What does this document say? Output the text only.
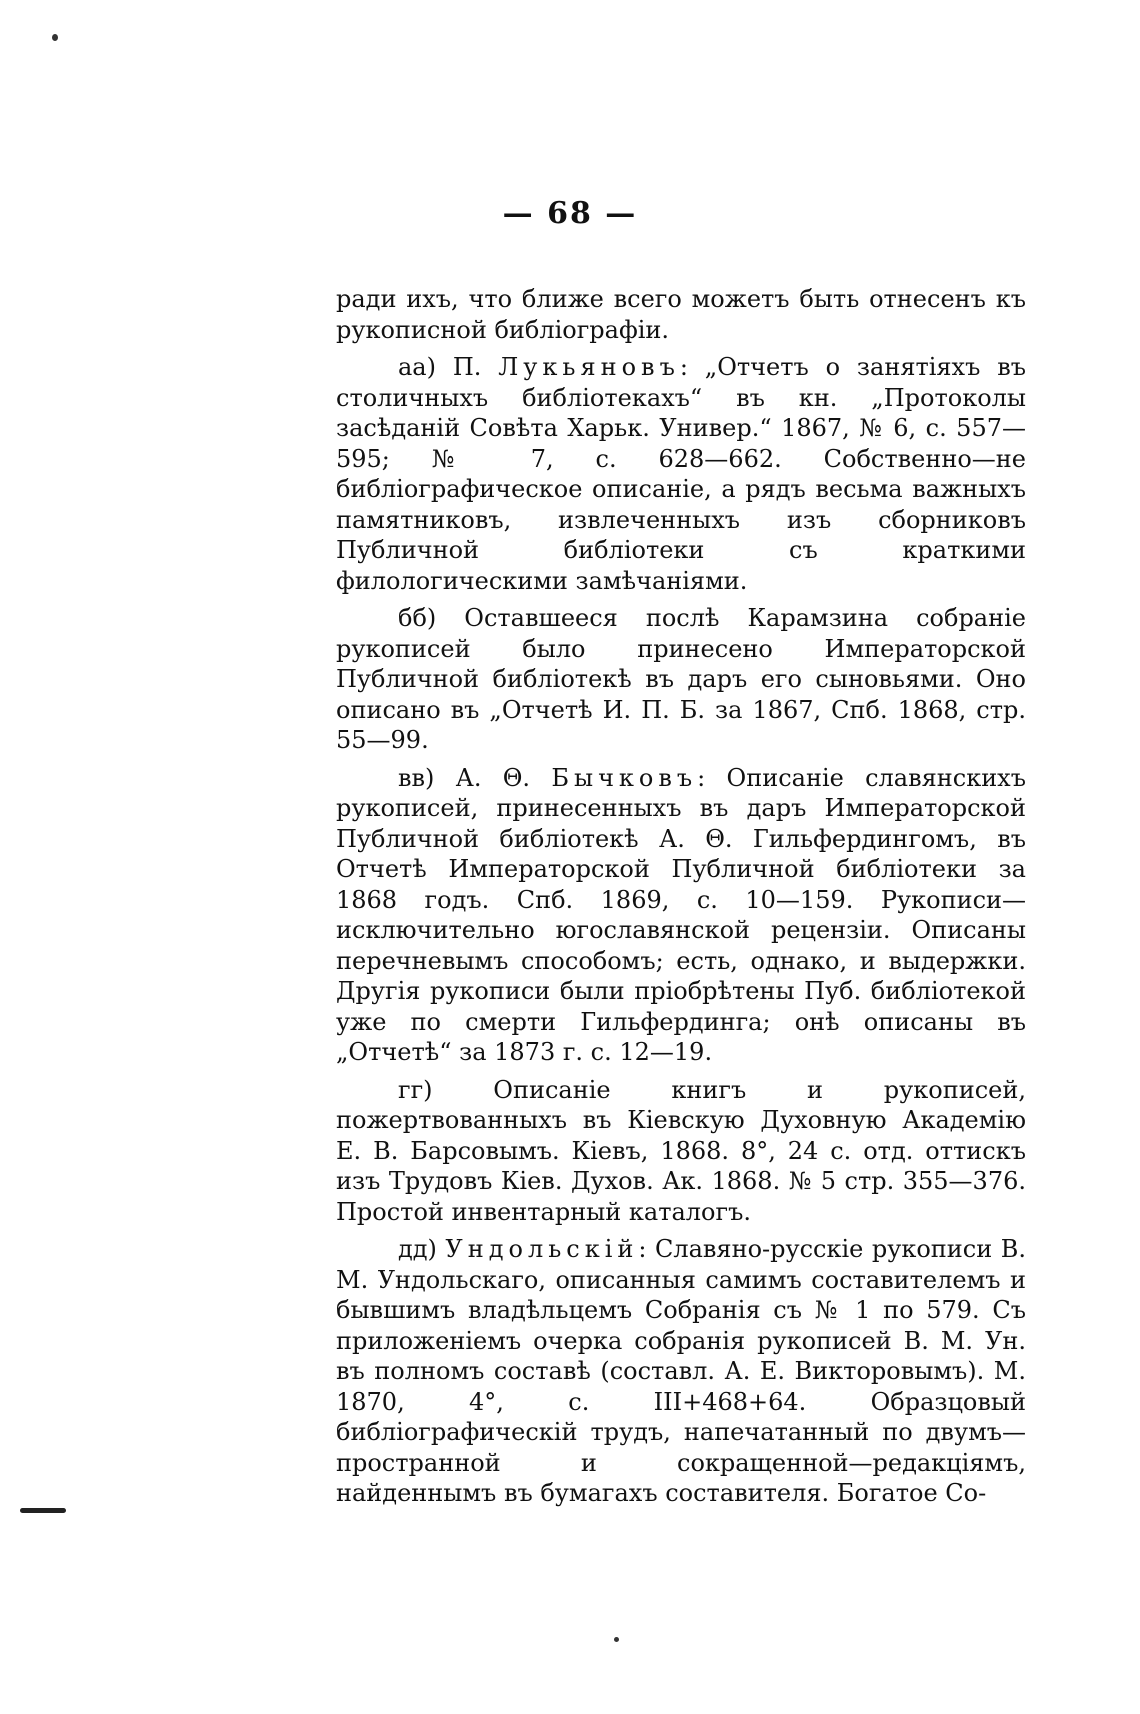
— 68 —

ради ихъ, что ближе всего можетъ быть отнесенъ къ рукописной библіографіи.

аа) П. Лукьяновъ: „Отчетъ о занятіяхъ въ столичныхъ библіотекахъ“ въ кн. „Протоколы засѣданій Совѣта Харьк. Универ.“ 1867, № 6, с. 557—595; № 7, с. 628—662. Собственно—не библіографическое описаніе, а рядъ весьма важныхъ памятниковъ, извлеченныхъ изъ сборниковъ Публичной библіотеки съ краткими филологическими замѣчаніями.

бб) Оставшееся послѣ Карамзина собраніе рукописей было принесено Императорской Публичной библіотекѣ въ даръ его сыновьями. Оно описано въ „Отчетѣ И. П. Б. за 1867, Спб. 1868, стр. 55—99.

вв) А. Θ. Бычковъ: Описаніе славянскихъ рукописей, принесенныхъ въ даръ Императорской Публичной библіотекѣ А. Θ. Гильфердингомъ, въ Отчетѣ Императорской Публичной библіотеки за 1868 годъ. Спб. 1869, с. 10—159. Рукописи—исключительно югославянской рецензіи. Описаны перечневымъ способомъ; есть, однако, и выдержки. Другія рукописи были пріобрѣтены Пуб. библіотекой уже по смерти Гильфердинга; онѣ описаны въ „Отчетѣ“ за 1873 г. с. 12—19.

гг) Описаніе книгъ и рукописей, пожертвованныхъ въ Кіевскую Духовную Академію Е. В. Барсовымъ. Кіевъ, 1868. 8°, 24 с. отд. оттискъ изъ Трудовъ Кіев. Духов. Ак. 1868. № 5 стр. 355—376. Простой инвентарный каталогъ.

дд) Ундольскій: Славяно-русскіе рукописи В. М. Ундольскаго, описанныя самимъ составителемъ и бывшимъ владѣльцемъ Собранія съ № 1 по 579. Съ приложеніемъ очерка собранія рукописей В. М. Ун. въ полномъ составѣ (составл. А. Е. Викторовымъ). М. 1870, 4°, с. III+468+64. Образцовый библіографическій трудъ, напечатанный по двумъ—пространной и сокращенной—редакціямъ, найденнымъ въ бумагахъ составителя. Богатое Со-
